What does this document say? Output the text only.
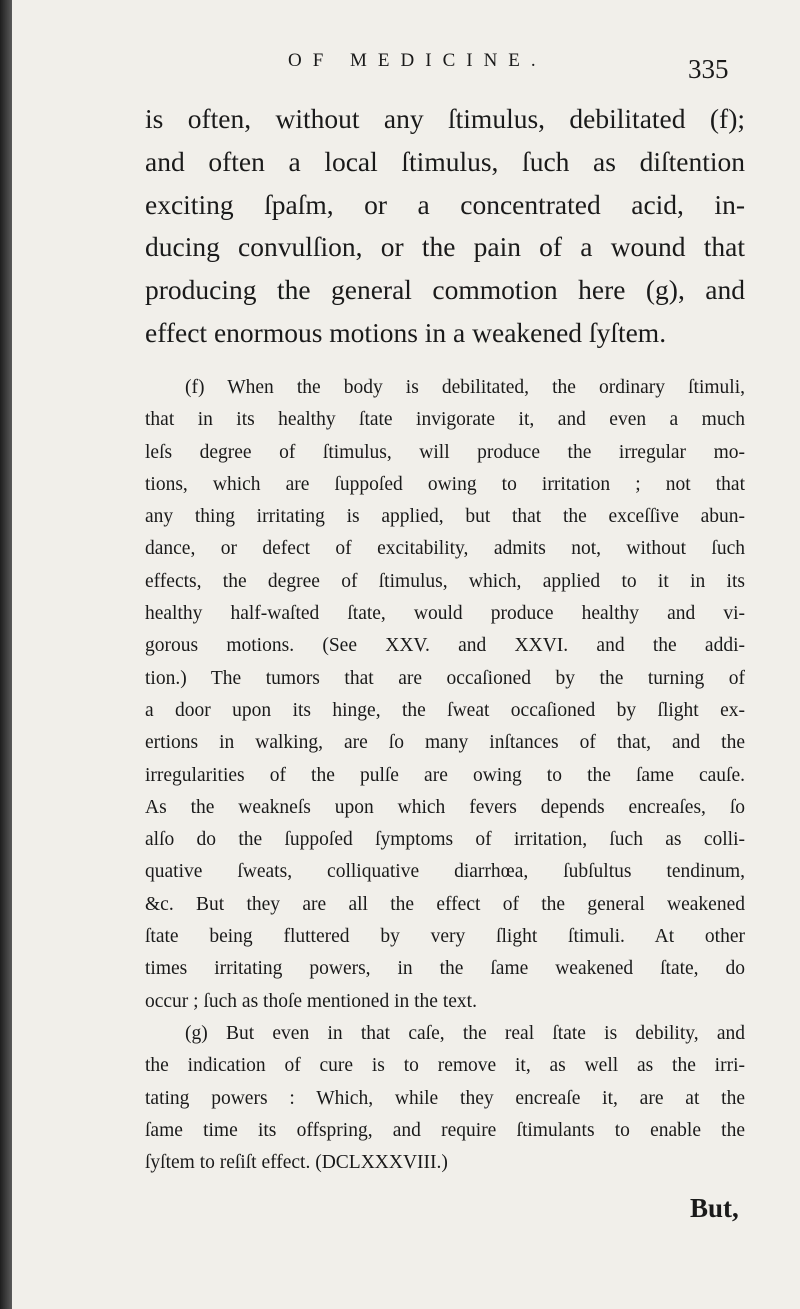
OF MEDICINE.	335
is often, without any ſtimulus, debilitated (f);
and often a local ſtimulus, ſuch as diſtention
exciting ſpaſm, or a concentrated acid, in-
ducing convulſion, or the pain of a wound that
producing the general commotion here (g), and
effect enormous motions in a weakened ſyſtem.
(f) When the body is debilitated, the ordinary ſtimuli,
that in its healthy ſtate invigorate it, and even a much
leſs degree of ſtimulus, will produce the irregular mo-
tions, which are ſuppoſed owing to irritation ; not that
any thing irritating is applied, but that the exceſſive abun-
dance, or defect of excitability, admits not, without ſuch
effects, the degree of ſtimulus, which, applied to it in its
healthy half-waſted ſtate, would produce healthy and vi-
gorous motions. (See XXV. and XXVI. and the addi-
tion.) The tumors that are occaſioned by the turning of
a door upon its hinge, the ſweat occaſioned by ſlight ex-
ertions in walking, are ſo many inſtances of that, and the
irregularities of the pulſe are owing to the ſame cauſe.
As the weakneſs upon which fevers depends encreaſes, ſo
alſo do the ſuppoſed ſymptoms of irritation, ſuch as colli-
quative ſweats, colliquative diarrhœa, ſubſultus tendinum,
&c. But they are all the effect of the general weakened
ſtate being fluttered by very ſlight ſtimuli. At other
times irritating powers, in the ſame weakened ſtate, do
occur ; ſuch as thoſe mentioned in the text.
(g) But even in that caſe, the real ſtate is debility, and
the indication of cure is to remove it, as well as the irri-
tating powers : Which, while they encreaſe it, are at the
ſame time its offspring, and require ſtimulants to enable the
ſyſtem to reſiſt effect. (DCLXXXVIII.)
But,
